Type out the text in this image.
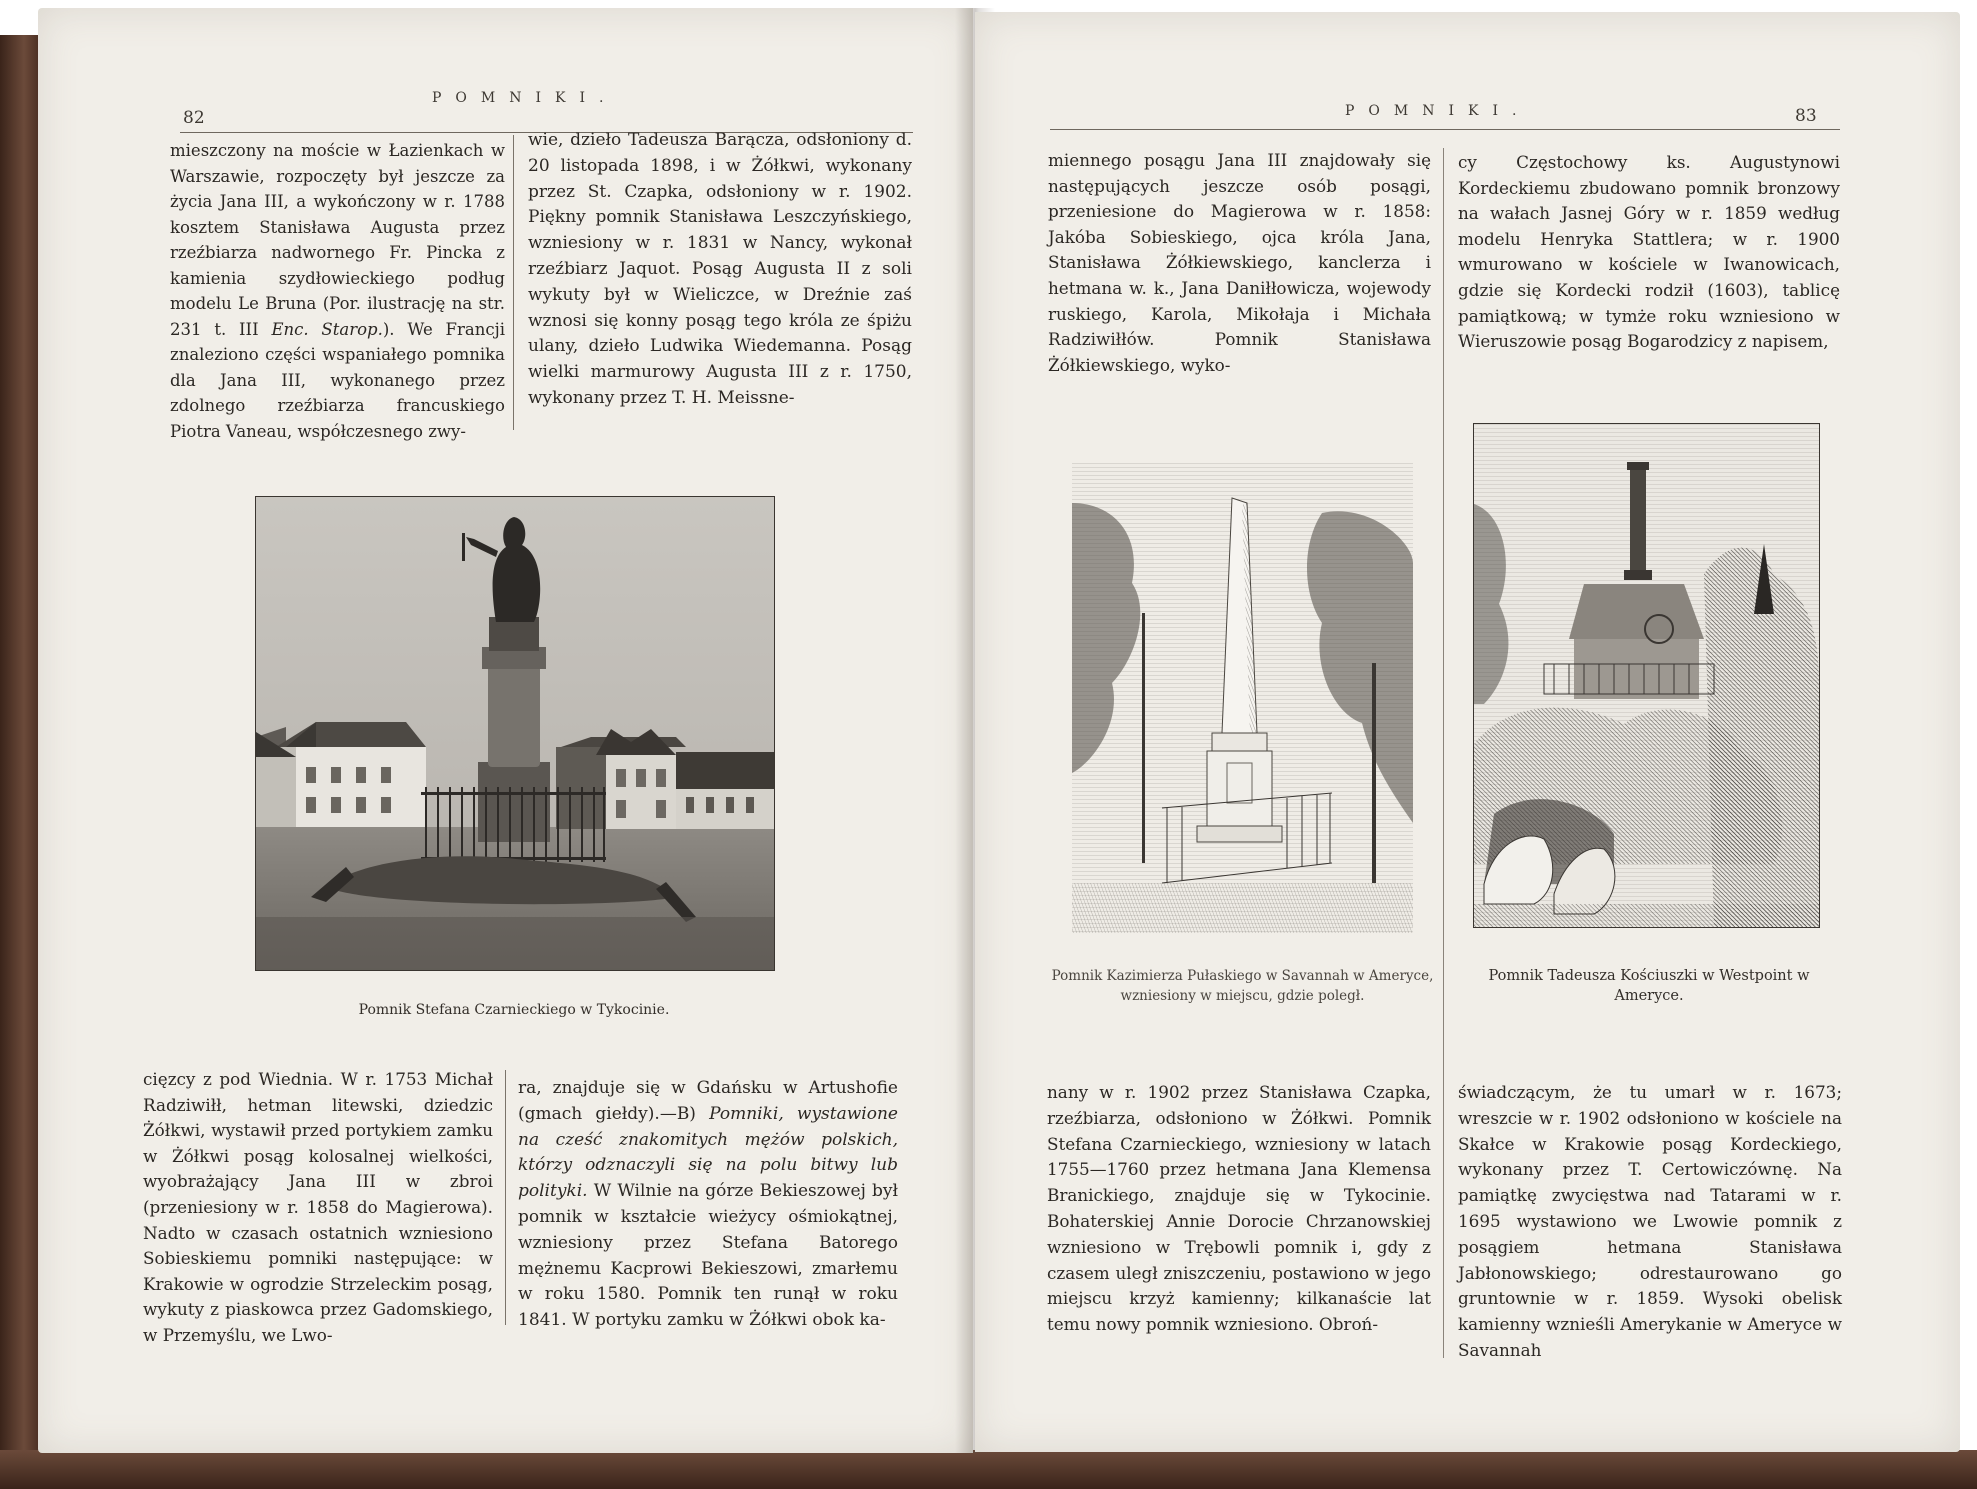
82
POMNIKI.

mieszczony na moście w Łazienkach w Warszawie, rozpoczęty był jeszcze za życia Jana III, a wykończony w r. 1788 kosztem Stanisława Augusta przez rzeźbiarza nadwornego Fr. Pincka z kamienia szydłowieckiego podług modelu Le Bruna (Por. ilustrację na str. 231 t. III Enc. Starop.). We Francji znaleziono części wspaniałego pomnika dla Jana III, wykonanego przez zdolnego rzeźbiarza francuskiego Piotra Vaneau, współczesnego zwy-

wie, dzieło Tadeusza Barącza, odsłoniony d. 20 listopada 1898, i w Żółkwi, wykonany przez St. Czapka, odsłoniony w r. 1902. Piękny pomnik Stanisława Leszczyńskiego, wzniesiony w r. 1831 w Nancy, wykonał rzeźbiarz Jaquot. Posąg Augusta II z soli wykuty był w Wieliczce, w Dreźnie zaś wznosi się konny posąg tego króla ze śpiżu ulany, dzieło Ludwika Wiedemanna. Posąg wielki marmurowy Augusta III z r. 1750, wykonany przez T. H. Meissne-

Pomnik Stefana Czarnieckiego w Tykocinie.

cięzcy z pod Wiednia. W r. 1753 Michał Radziwiłł, hetman litewski, dziedzic Żółkwi, wystawił przed portykiem zamku w Żółkwi posąg kolosalnej wielkości, wyobrażający Jana III w zbroi (przeniesiony w r. 1858 do Magierowa). Nadto w czasach ostatnich wzniesiono Sobieskiemu pomniki następujące: w Krakowie w ogrodzie Strzeleckim posąg, wykuty z piaskowca przez Gadomskiego, w Przemyślu, we Lwo-

ra, znajduje się w Gdańsku w Artushofie (gmach giełdy).—B) Pomniki, wystawione na cześć znakomitych mężów polskich, którzy odznaczyli się na polu bitwy lub polityki. W Wilnie na górze Bekieszowej był pomnik w kształcie wieżycy ośmiokątnej, wzniesiony przez Stefana Batorego mężnemu Kacprowi Bekieszowi, zmarłemu w roku 1580. Pomnik ten runął w roku 1841. W portyku zamku w Żółkwi obok ka-

POMNIKI.	83

miennego posągu Jana III znajdowały się następujących jeszcze osób posągi, przeniesione do Magierowa w r. 1858: Jakóba Sobieskiego, ojca króla Jana, Stanisława Żółkiewskiego, kanclerza i hetmana w. k., Jana Daniłłowicza, wojewody ruskiego, Karola, Mikołaja i Michała Radziwiłłów. Pomnik Stanisława Żółkiewskiego, wyko-

cy Częstochowy ks. Augustynowi Kordeckiemu zbudowano pomnik bronzowy na wałach Jasnej Góry w r. 1859 według modelu Henryka Stattlera; w r. 1900 wmurowano w kościele w Iwanowicach, gdzie się Kordecki rodził (1603), tablicę pamiątkową; w tymże roku wzniesiono w Wieruszowie posąg Bogarodzicy z napisem,

Pomnik Kazimierza Pułaskiego w Savannah w Ameryce, wzniesiony w miejscu, gdzie poległ.
Pomnik Tadeusza Kościuszki w Westpoint w Ameryce.

nany w r. 1902 przez Stanisława Czapka, rzeźbiarza, odsłoniono w Żółkwi. Pomnik Stefana Czarnieckiego, wzniesiony w latach 1755—1760 przez hetmana Jana Klemensa Branickiego, znajduje się w Tykocinie. Bohaterskiej Annie Dorocie Chrzanowskiej wzniesiono w Trębowli pomnik i, gdy z czasem uległ zniszczeniu, postawiono w jego miejscu krzyż kamienny; kilkanaście lat temu nowy pomnik wzniesiono. Obroń-

świadczącym, że tu umarł w r. 1673; wreszcie w r. 1902 odsłoniono w kościele na Skałce w Krakowie posąg Kordeckiego, wykonany przez T. Certowiczównę. Na pamiątkę zwycięstwa nad Tatarami w r. 1695 wystawiono we Lwowie pomnik z posągiem hetmana Stanisława Jabłonowskiego; odrestaurowano go gruntownie w r. 1859. Wysoki obelisk kamienny wznieśli Amerykanie w Ameryce w Savannah
